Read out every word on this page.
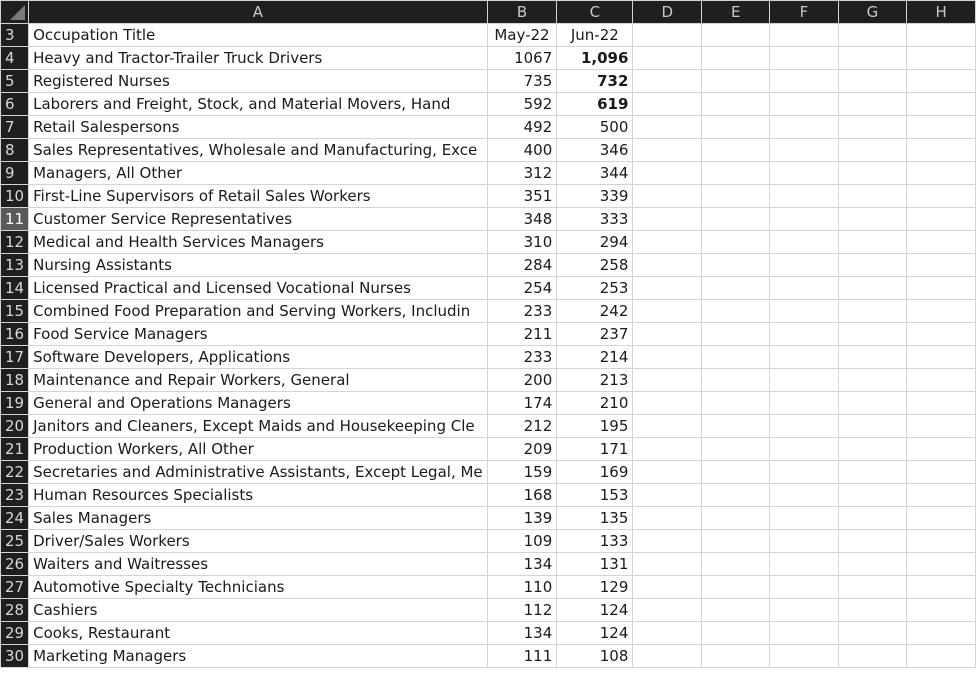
	A	B	C	D	E	F	G	H
3	Occupation Title	May-22	Jun-22					
4	Heavy and Tractor-Trailer Truck Drivers	1067	1,096					
5	Registered Nurses	735	732					
6	Laborers and Freight, Stock, and Material Movers, Hand	592	619					
7	Retail Salespersons	492	500					
8	Sales Representatives, Wholesale and Manufacturing, Exce	400	346					
9	Managers, All Other	312	344					
10	First-Line Supervisors of Retail Sales Workers	351	339					
11	Customer Service Representatives	348	333					
12	Medical and Health Services Managers	310	294					
13	Nursing Assistants	284	258					
14	Licensed Practical and Licensed Vocational Nurses	254	253					
15	Combined Food Preparation and Serving Workers, Includin	233	242					
16	Food Service Managers	211	237					
17	Software Developers, Applications	233	214					
18	Maintenance and Repair Workers, General	200	213					
19	General and Operations Managers	174	210					
20	Janitors and Cleaners, Except Maids and Housekeeping Cle	212	195					
21	Production Workers, All Other	209	171					
22	Secretaries and Administrative Assistants, Except Legal, Me	159	169					
23	Human Resources Specialists	168	153					
24	Sales Managers	139	135					
25	Driver/Sales Workers	109	133					
26	Waiters and Waitresses	134	131					
27	Automotive Specialty Technicians	110	129					
28	Cashiers	112	124					
29	Cooks, Restaurant	134	124					
30	Marketing Managers	111	108					
